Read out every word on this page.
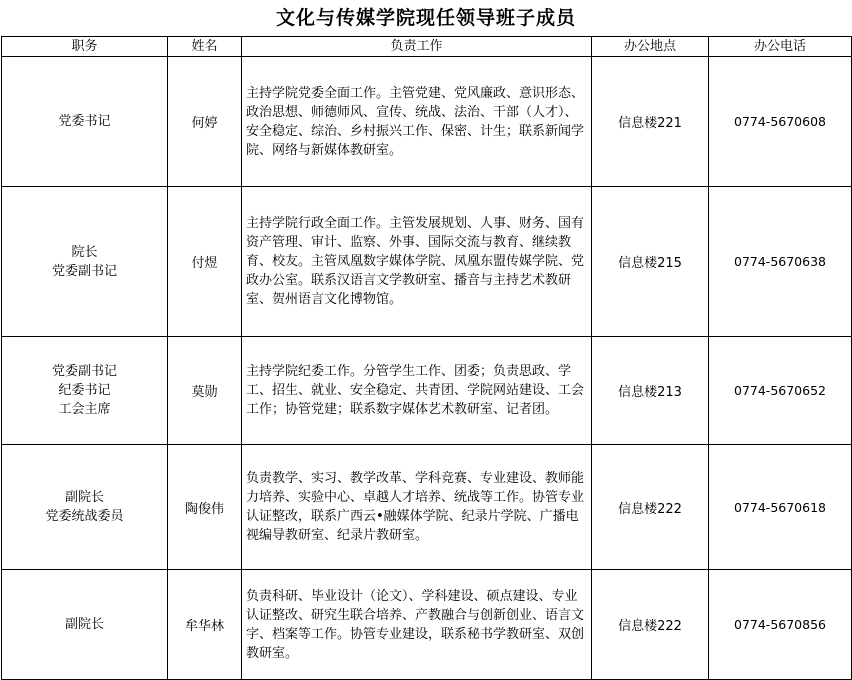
文化与传媒学院现任领导班子成员
职务	姓名	负责工作	办公地点	办公电话

党委书记	何婷	主持学院党委全面工作。主管党建、党风廉政、意识形态、政治思想、师德师风、宣传、统战、法治、干部（人才）、安全稳定、综治、乡村振兴工作、保密、计生；联系新闻学院、网络与新媒体教研室。	信息楼221	0774-5670608

院长
党委副书记	付煜	主持学院行政全面工作。主管发展规划、人事、财务、国有资产管理、审计、监察、外事、国际交流与教育、继续教育、校友。主管凤凰数字媒体学院、凤凰东盟传媒学院、党政办公室。联系汉语言文学教研室、播音与主持艺术教研室、贺州语言文化博物馆。	信息楼215	0774-5670638

党委副书记
纪委书记
工会主席	莫勋	主持学院纪委工作。分管学生工作、团委；负责思政、学工、招生、就业、安全稳定、共青团、学院网站建设、工会工作；协管党建；联系数字媒体艺术教研室、记者团。	信息楼213	0774-5670652

副院长
党委统战委员	陶俊伟	负责教学、实习、教学改革、学科竞赛、专业建设、教师能力培养、实验中心、卓越人才培养、统战等工作。协管专业认证整改，联系广西云•融媒体学院、纪录片学院、广播电视编导教研室、纪录片教研室。	信息楼222	0774-5670618

副院长	牟华林	负责科研、毕业设计（论文）、学科建设、硕点建设、专业认证整改、研究生联合培养、产教融合与创新创业、语言文字、档案等工作。协管专业建设，联系秘书学教研室、双创教研室。	信息楼222	0774-5670856
